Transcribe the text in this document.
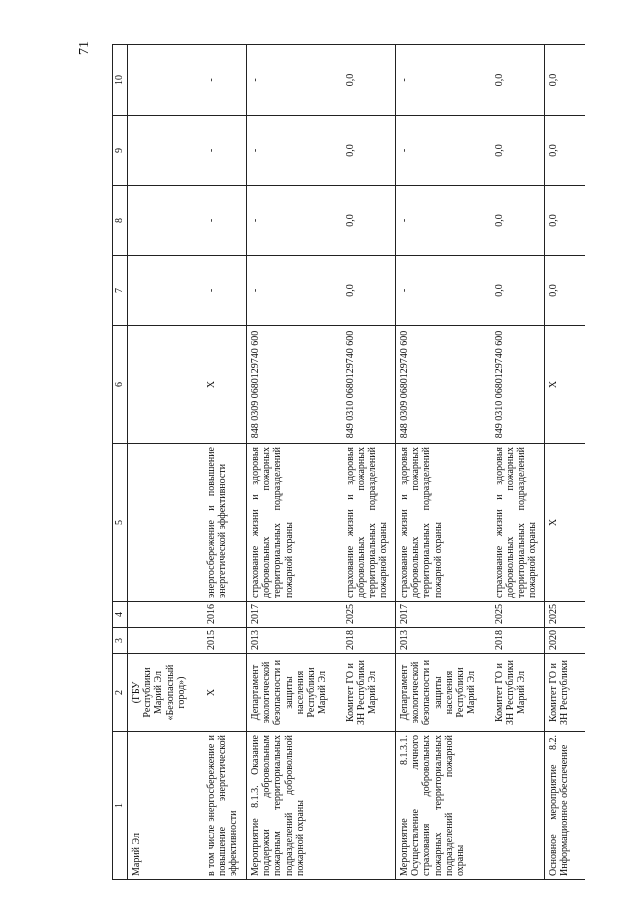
71
1	2	3	4	5	6	7	8	9	10
Марий Эл	(ГБУ Республики Марий Эл «Безопасный город»)								
в том числе энергосбережение и повышение энергетической эффективности	X	2015	2016	энергосбережение и повышение энергетической эффективности	X	-	-	-	-
Мероприятие 8.1.3. Оказание поддержки добровольным пожарным территориальных подразделений добровольной пожарной охраны	Департамент экологической безопасности и защиты населения Республики Марий Эл	2013	2017	страхование жизни и здоровья добровольных пожарных территориальных подразделений пожарной охраны	848 0309 0680129740 600	-	-	-	-
	Комитет ГО и ЗН Республики Марий Эл	2018	2025	страхование жизни и здоровья добровольных пожарных территориальных подразделений пожарной охраны	849 0310 0680129740 600	0,0	0,0	0,0	0,0
Мероприятие 8.1.3.1. Осуществление личного страхования добровольных пожарных территориальных подразделений пожарной охраны	Департамент экологической безопасности и защиты населения Республики Марий Эл	2013	2017	страхование жизни и здоровья добровольных пожарных территориальных подразделений пожарной охраны	848 0309 0680129740 600	-	-	-	-
	Комитет ГО и ЗН Республики Марий Эл	2018	2025	страхование жизни и здоровья добровольных пожарных территориальных подразделений пожарной охраны	849 0310 0680129740 600	0,0	0,0	0,0	0,0
Основное мероприятие 8.2. Информационное обеспечение	Комитет ГО и ЗН Республики	2020	2025	X	X	0,0	0,0	0,0	0,0
